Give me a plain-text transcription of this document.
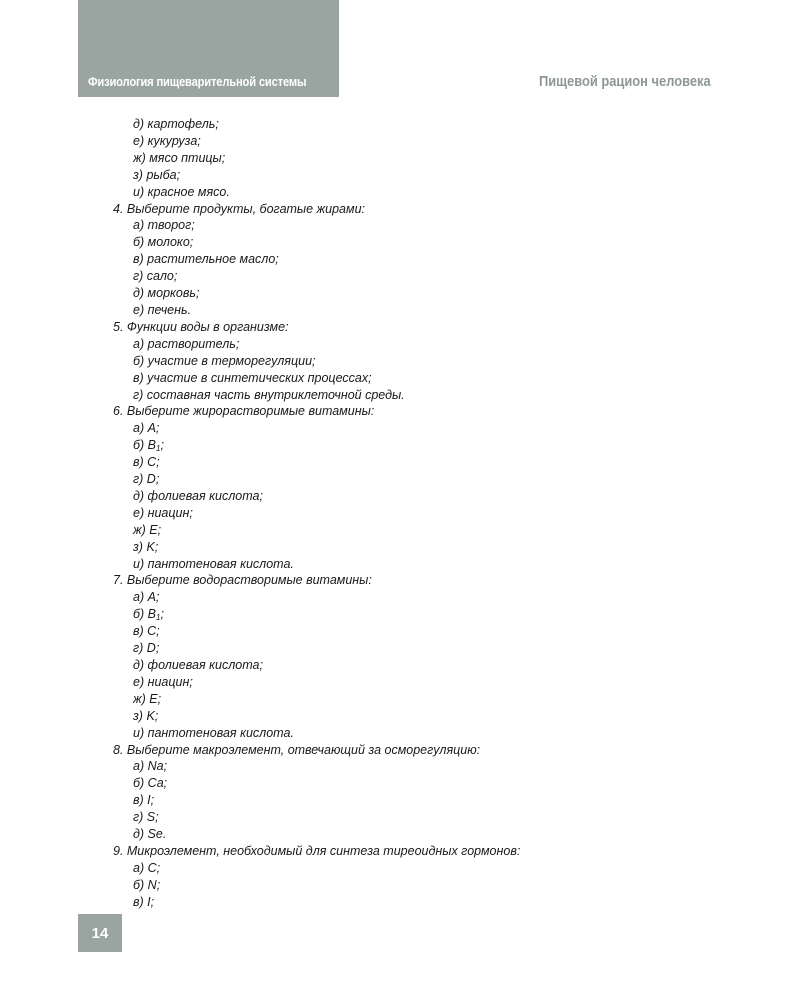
Физиология пищеварительной системы	Пищевой рацион человека

д) картофель;

е) кукуруза;

ж) мясо птицы;

з) рыба;

и) красное мясо.

4. Выберите продукты, богатые жирами:

а) творог;

б) молоко;

в) растительное масло;

г) сало;

д) морковь;

е) печень.

5. Функции воды в организме:

а) растворитель;

б) участие в терморегуляции;

в) участие в синтетических процессах;

г) составная часть внутриклеточной среды.

6. Выберите жирорастворимые витамины:

а) A;

б) $B_1$;

в) C;

г) D;

д) фолиевая кислота;

е) ниацин;

ж) E;

з) K;

и) пантотеновая кислота.

7. Выберите водорастворимые витамины:

а) A;

б) $B_1$;

в) C;

г) D;

д) фолиевая кислота;

е) ниацин;

ж) E;

з) K;

и) пантотеновая кислота.

8. Выберите макроэлемент, отвечающий за осморегуляцию:

а) Na;

б) Ca;

в) I;

г) S;

д) Se.

9. Микроэлемент, необходимый для синтеза тиреоидных гормонов:

а) C;

б) N;

в) I;

14
